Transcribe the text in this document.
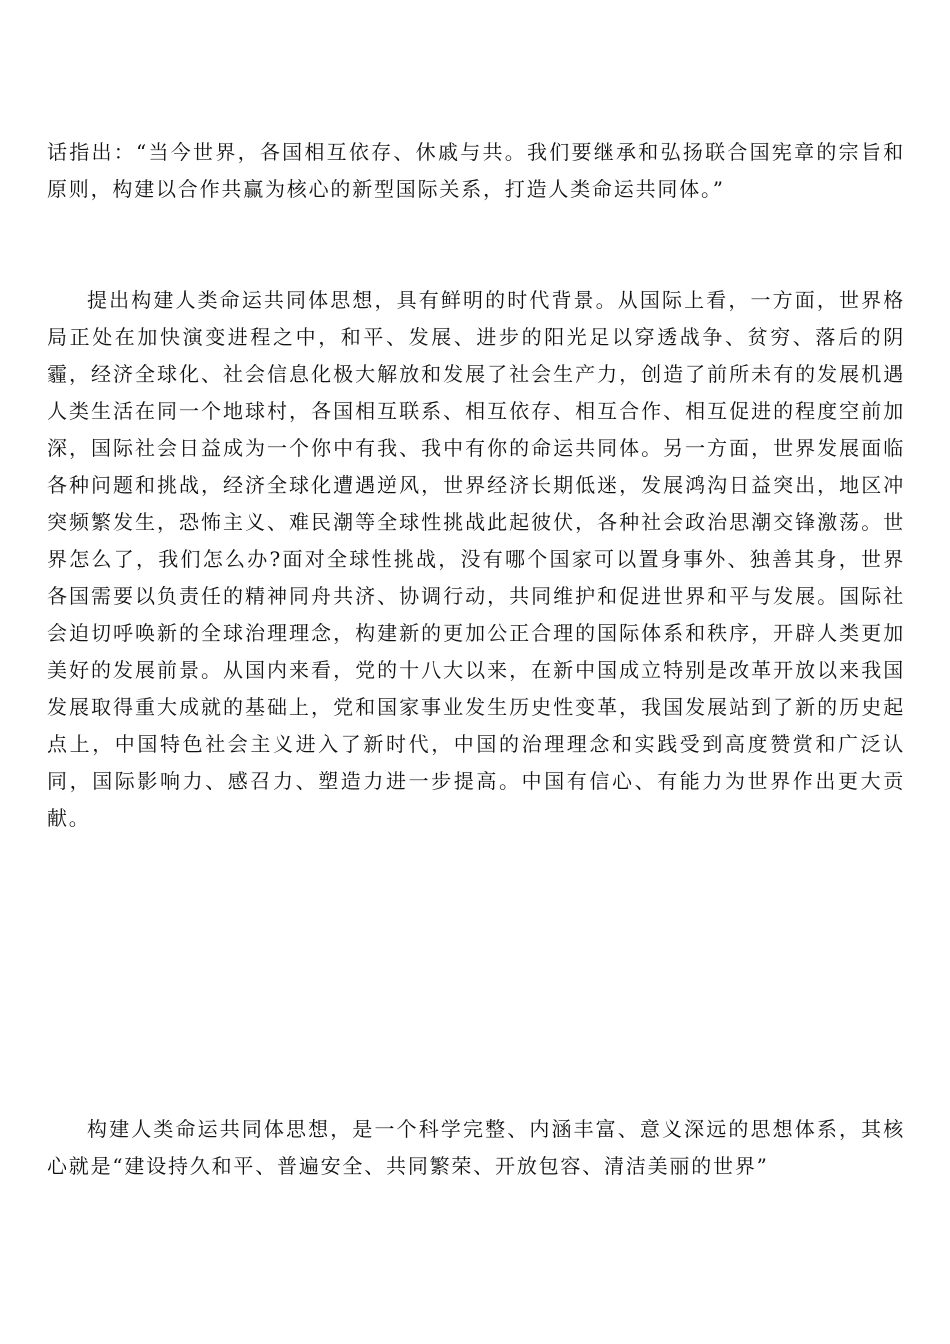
话指出：“当今世界，各国相互依存、休戚与共。我们要继承和弘扬联合国宪章的宗旨和原则，构建以合作共赢为核心的新型国际关系，打造人类命运共同体。”

提出构建人类命运共同体思想，具有鲜明的时代背景。从国际上看，一方面，世界格局正处在加快演变进程之中，和平、发展、进步的阳光足以穿透战争、贫穷、落后的阴霾，经济全球化、社会信息化极大解放和发展了社会生产力，创造了前所未有的发展机遇人类生活在同一个地球村，各国相互联系、相互依存、相互合作、相互促进的程度空前加深，国际社会日益成为一个你中有我、我中有你的命运共同体。另一方面，世界发展面临各种问题和挑战，经济全球化遭遇逆风，世界经济长期低迷，发展鸿沟日益突出，地区冲突频繁发生，恐怖主义、难民潮等全球性挑战此起彼伏，各种社会政治思潮交锋激荡。世界怎么了，我们怎么办?面对全球性挑战，没有哪个国家可以置身事外、独善其身，世界各国需要以负责任的精神同舟共济、协调行动，共同维护和促进世界和平与发展。国际社会迫切呼唤新的全球治理理念，构建新的更加公正合理的国际体系和秩序，开辟人类更加美好的发展前景。从国内来看，党的十八大以来，在新中国成立特别是改革开放以来我国发展取得重大成就的基础上，党和国家事业发生历史性变革，我国发展站到了新的历史起点上，中国特色社会主义进入了新时代，中国的治理理念和实践受到高度赞赏和广泛认同，国际影响力、感召力、塑造力进一步提高。中国有信心、有能力为世界作出更大贡献。

构建人类命运共同体思想，是一个科学完整、内涵丰富、意义深远的思想体系，其核心就是“建设持久和平、普遍安全、共同繁荣、开放包容、清洁美丽的世界”
